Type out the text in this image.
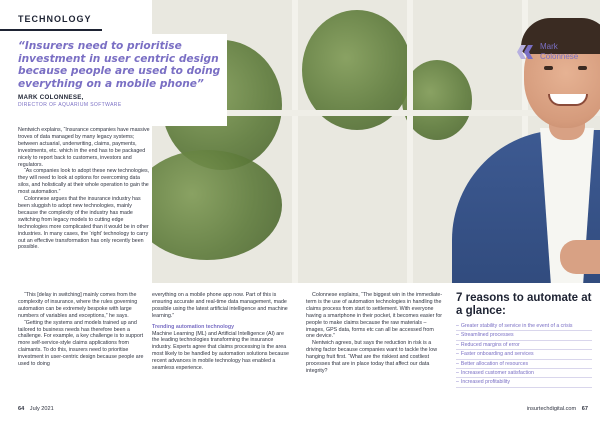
TECHNOLOGY
“Insurers need to prioritise investment in user centric design because people are used to doing everything on a mobile phone”
MARK COLONNESE,
DIRECTOR OF AQUARIUM SOFTWARE
Mark
Colonnese

Nentwich explains, “Insurance companies have massive troves of data managed by many legacy systems; between actuarial, underwriting, claims, payments, investments, etc. which in the end has to be packaged nicely to report back to customers, investors and regulators.

“As companies look to adopt these new technologies, they will need to look at options for overcoming data silos, and holistically at their whole operation to gain the most automation.”

Colonnese argues that the insurance industry has been sluggish to adopt new technologies, mainly because the complexity of the industry has made switching from legacy models to cutting edge technologies more complicated than it would be in other industries. In many cases, the ‘right’ technology to carry out an effective transformation has only recently been possible.

“This [delay in switching] mainly comes from the complexity of insurance, where the rules governing automation can be extremely bespoke with large numbers of variables and exceptions,” he says.

“Getting the systems and models trained up and tailored to business needs has therefore been a challenge. For example, a key challenge is to support more self-service-style claims applications from claimants. To do this, insurers need to prioritise investment in user-centric design because people are used to doing

everything on a mobile phone app now. Part of this is ensuring accurate and real-time data management, made possible using the latest artificial intelligence and machine learning.”

Trending automation technology

Machine Learning (ML) and Artificial Intelligence (AI) are the leading technologies transforming the insurance industry. Experts agree that claims processing is the area most likely to be handled by automation solutions because recent advances in mobile technology has enabled a seamless experience.

Colonnese explains, “The biggest win in the immediate-term is the use of automation technologies in handling the claims process from start to settlement. With everyone having a smartphone in their pocket, it becomes easier for people to make claims because the raw materials – images, GPS data, forms etc can all be accessed from one device.”

Nentwich agrees, but says the reduction in risk is a driving factor because companies want to tackle the low hanging fruit first. “What are the riskiest and costliest processes that are in place today that affect our data integrity?

7 reasons to automate at a glance:
– Greater stability of service in the event of a crisis
– Streamlined processes
– Reduced margins of error
– Faster onboarding and services
– Better allocation of resources
– Increased customer satisfaction
– Increased profitability
64 July 2021	insurtechdigital.com 67
